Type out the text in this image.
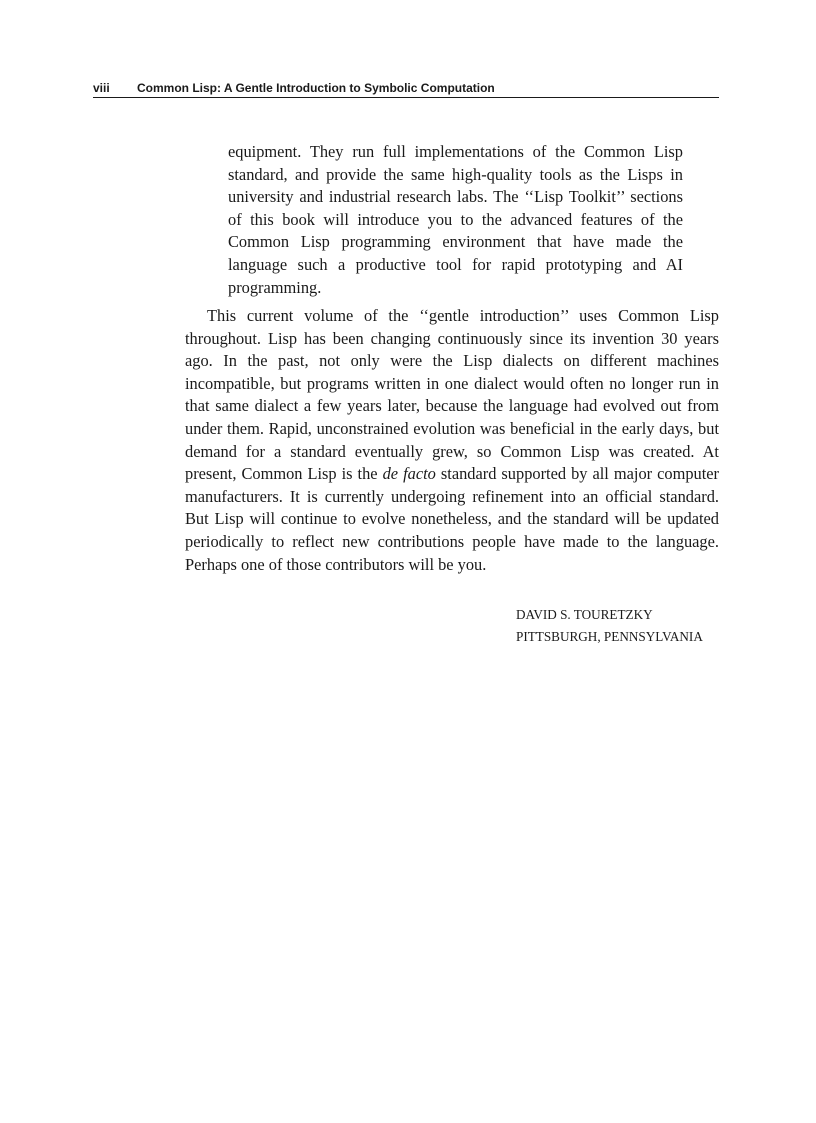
viii Common Lisp: A Gentle Introduction to Symbolic Computation

equipment. They run full implementations of the Common Lisp standard, and provide the same high-quality tools as the Lisps in university and industrial research labs. The ‘‘Lisp Toolkit’’ sections of this book will introduce you to the advanced features of the Common Lisp programming environment that have made the language such a productive tool for rapid prototyping and AI programming.

This current volume of the ‘‘gentle introduction’’ uses Common Lisp throughout. Lisp has been changing continuously since its invention 30 years ago. In the past, not only were the Lisp dialects on different machines incompatible, but programs written in one dialect would often no longer run in that same dialect a few years later, because the language had evolved out from under them. Rapid, unconstrained evolution was beneficial in the early days, but demand for a standard eventually grew, so Common Lisp was created. At present, Common Lisp is the de facto standard supported by all major computer manufacturers. It is currently undergoing refinement into an official standard. But Lisp will continue to evolve nonetheless, and the standard will be updated periodically to reflect new contributions people have made to the language. Perhaps one of those contributors will be you.

DAVID S. TOURETZKY
PITTSBURGH, PENNSYLVANIA
